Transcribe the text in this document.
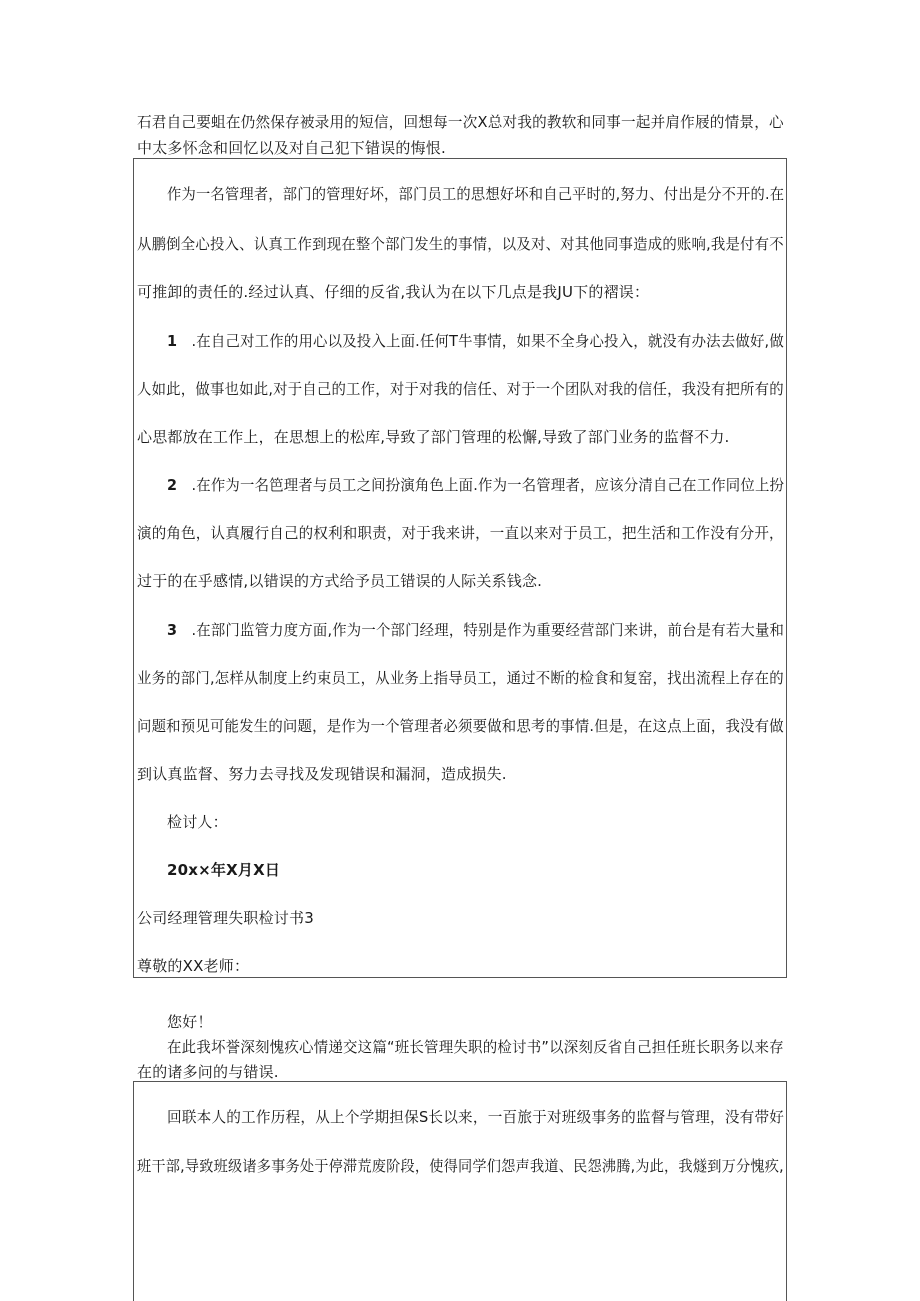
石君自己要蛆在仍然保存被录用的短信，回想每一次X总对我的教软和同事一起并肩作屐的情景，心
中太多怀念和回忆以及对自己犯下错误的悔恨.
作为一名管理者，部门的管理好坏，部门员工的思想好坏和自己平时的,努力、付出是分不开的.在
从鹏倒全心投入、认真工作到现在整个部门发生的事情，以及对、对其他同事造成的账响,我是付有不
可推卸的责任的.经过认真、仔细的反省,我认为在以下几点是我JU下的褶误：
1 .在自己对工作的用心以及投入上面.任何T牛事情，如果不全身心投入，就没有办法去做好,做
人如此，做事也如此,对于自己的工作，对于对我的信任、对于一个团队对我的信任，我没有把所有的
心思都放在工作上，在思想上的松库,导致了部门管理的松懈,导致了部门业务的监督不力.
2 .在作为一名笆理者与员工之间扮演角色上面.作为一名管理者，应该分清自己在工作同位上扮
演的角色，认真履行自己的权利和职责，对于我来讲，一直以来对于员工，把生活和工作没有分开，
过于的在乎感情,以错误的方式给予员工错误的人际关系钱念.
3 .在部门监管力度方面,作为一个部门经理，特别是作为重要经营部门来讲，前台是有若大量和
业务的部门,怎样从制度上约束员工，从业务上指导员工，通过不断的检食和复窑，找出流程上存在的
问题和预见可能发生的问题，是作为一个管理者必须要做和思考的事情.但是，在这点上面，我没有做
到认真监督、努力去寻找及发现错误和漏洞，造成损失.
检讨人：
20x×年X月X日
公司经理管理失职检讨书3
尊敬的XX老师：
您好！
在此我坏誉深刻愧疚心情递交这篇“班长管理失职的检讨书”以深刻反省自己担任班长职务以来存
在的诸多问的与错误.
回联本人的工作历程，从上个学期担保S长以来，一百旅于对班级事务的监督与管理，没有带好
班干部,导致班级诸多事务处于停滞荒废阶段，使得同学们怨声我道、民怨沸腾,为此，我燧到万分愧疚,
